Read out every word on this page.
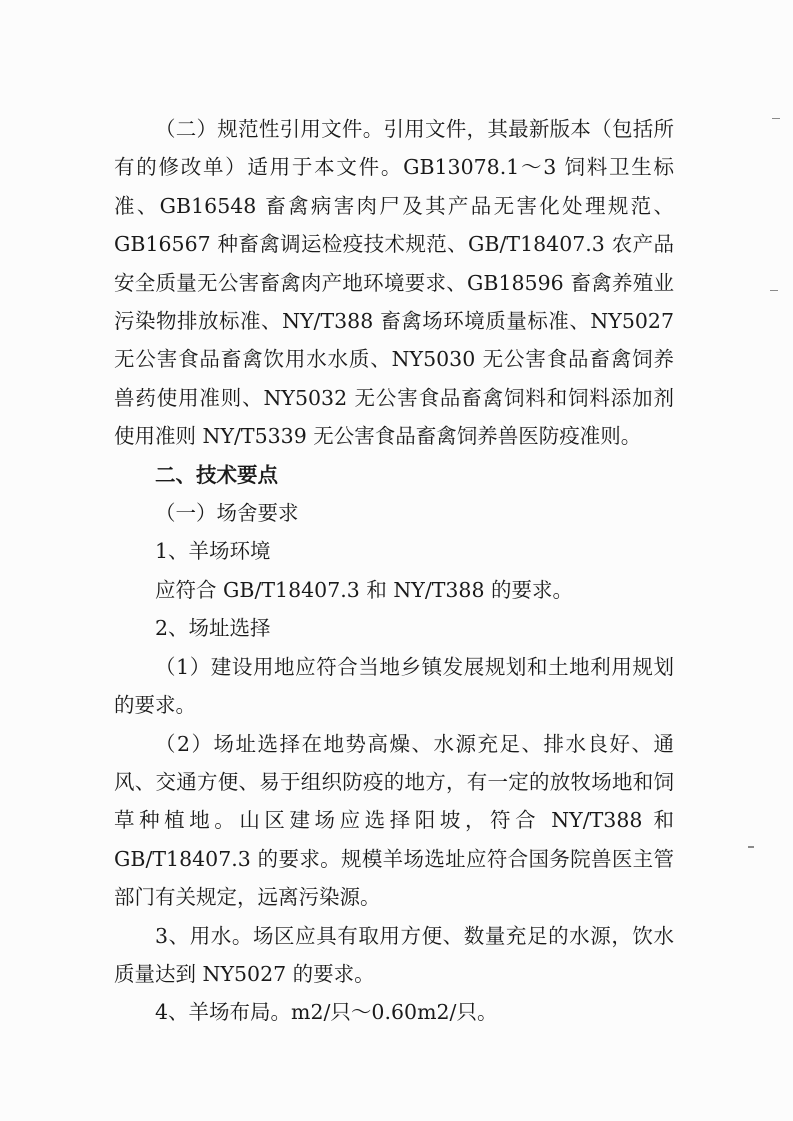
（二）规范性引用文件。引用文件，其最新版本（包括所有的修改单）适用于本文件。GB13078.1～3 饲料卫生标准、GB16548 畜禽病害肉尸及其产品无害化处理规范、GB16567 种畜禽调运检疫技术规范、GB/T18407.3 农产品安全质量无公害畜禽肉产地环境要求、GB18596 畜禽养殖业污染物排放标准、NY/T388 畜禽场环境质量标准、NY5027 无公害食品畜禽饮用水水质、NY5030 无公害食品畜禽饲养兽药使用准则、NY5032 无公害食品畜禽饲料和饲料添加剂使用准则 NY/T5339 无公害食品畜禽饲养兽医防疫准则。

二、技术要点

（一）场舍要求

1、羊场环境

应符合 GB/T18407.3 和 NY/T388 的要求。

2、场址选择

（1）建设用地应符合当地乡镇发展规划和土地利用规划的要求。

（2）场址选择在地势高燥、水源充足、排水良好、通风、交通方便、易于组织防疫的地方，有一定的放牧场地和饲草种植地。山区建场应选择阳坡，符合 NY/T388 和 GB/T18407.3 的要求。规模羊场选址应符合国务院兽医主管部门有关规定，远离污染源。

3、用水。场区应具有取用方便、数量充足的水源，饮水质量达到 NY5027 的要求。

4、羊场布局。m2/只～0.60m2/只。
